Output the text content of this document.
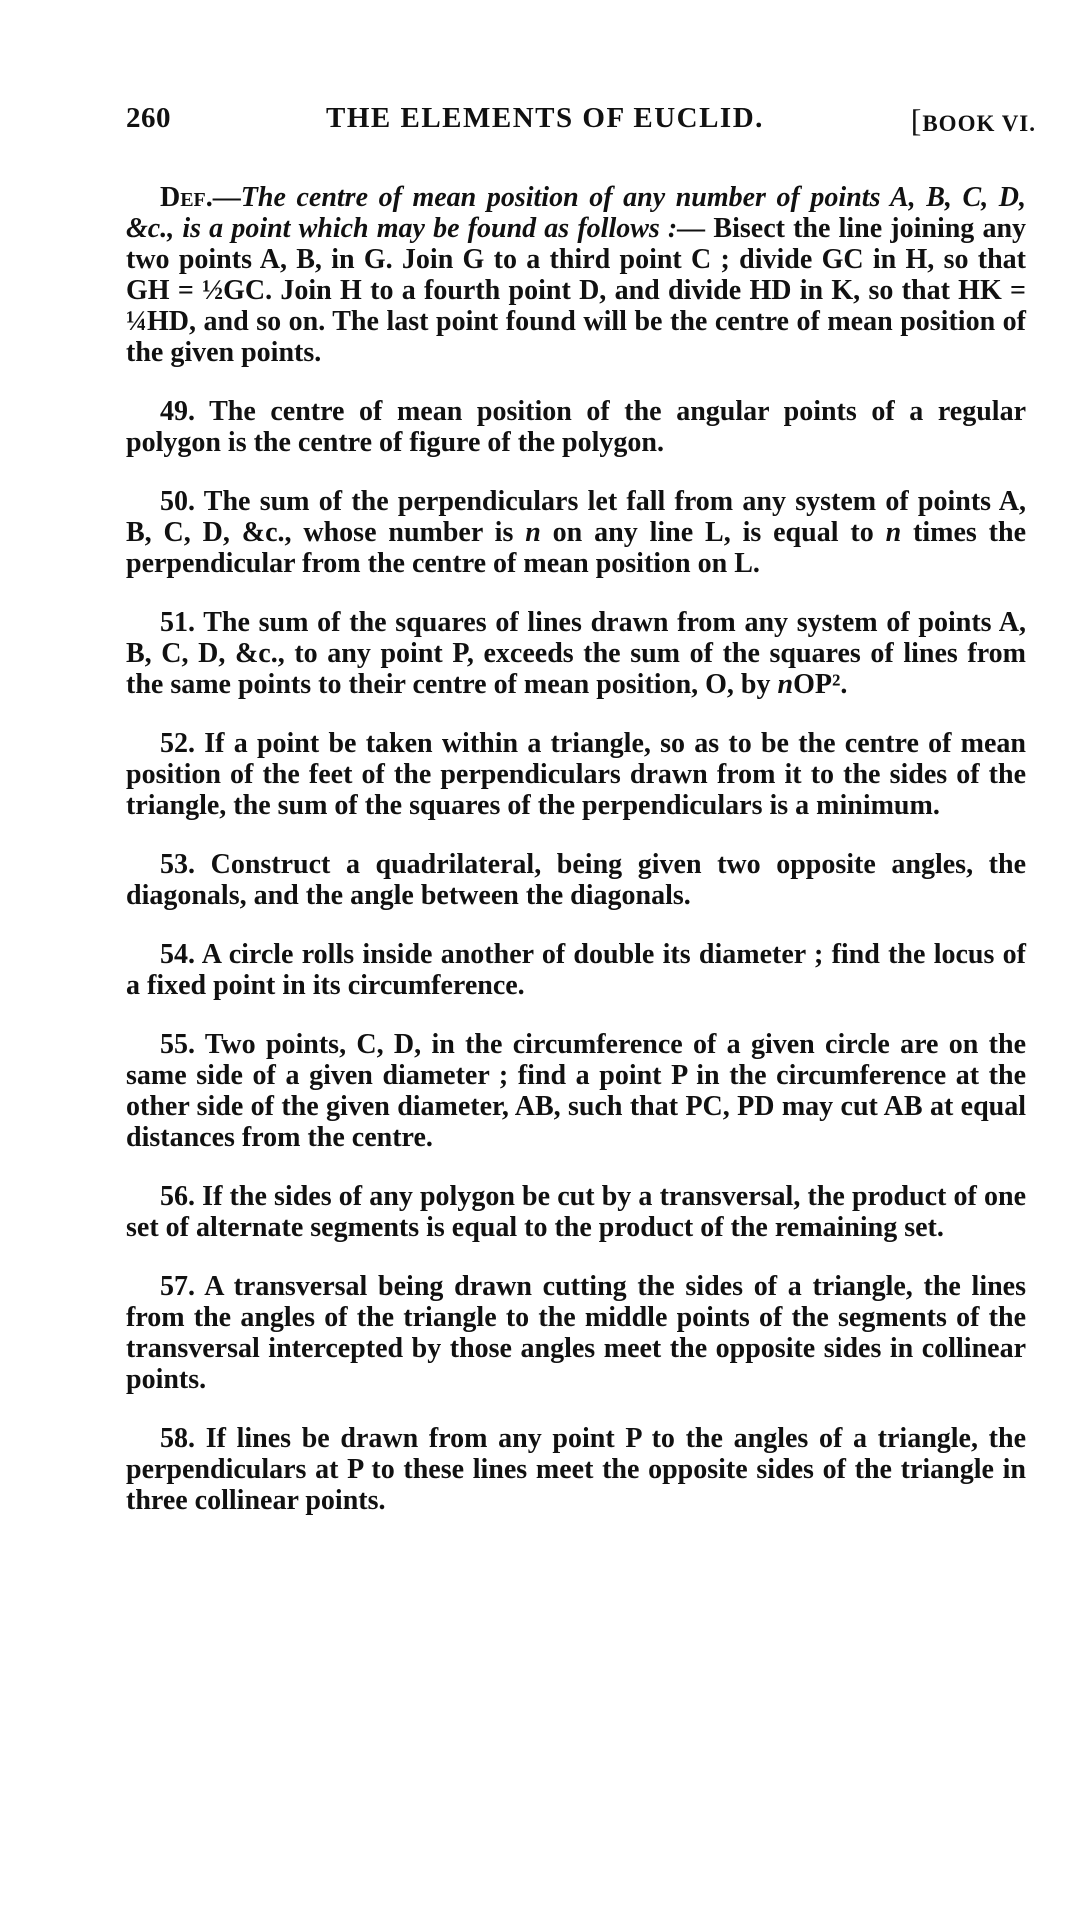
260	THE ELEMENTS OF EUCLID.	[BOOK VI.

Def.—The centre of mean position of any number of points A, B, C, D, &c., is a point which may be found as follows :— Bisect the line joining any two points A, B, in G. Join G to a third point C ; divide GC in H, so that GH = ½GC. Join H to a fourth point D, and divide HD in K, so that HK = ¼HD, and so on. The last point found will be the centre of mean position of the given points.

49. The centre of mean position of the angular points of a regular polygon is the centre of figure of the polygon.

50. The sum of the perpendiculars let fall from any system of points A, B, C, D, &c., whose number is n on any line L, is equal to n times the perpendicular from the centre of mean position on L.

51. The sum of the squares of lines drawn from any system of points A, B, C, D, &c., to any point P, exceeds the sum of the squares of lines from the same points to their centre of mean position, O, by nOP².

52. If a point be taken within a triangle, so as to be the centre of mean position of the feet of the perpendiculars drawn from it to the sides of the triangle, the sum of the squares of the perpendiculars is a minimum.

53. Construct a quadrilateral, being given two opposite angles, the diagonals, and the angle between the diagonals.

54. A circle rolls inside another of double its diameter ; find the locus of a fixed point in its circumference.

55. Two points, C, D, in the circumference of a given circle are on the same side of a given diameter ; find a point P in the circumference at the other side of the given diameter, AB, such that PC, PD may cut AB at equal distances from the centre.

56. If the sides of any polygon be cut by a transversal, the product of one set of alternate segments is equal to the product of the remaining set.

57. A transversal being drawn cutting the sides of a triangle, the lines from the angles of the triangle to the middle points of the segments of the transversal intercepted by those angles meet the opposite sides in collinear points.

58. If lines be drawn from any point P to the angles of a triangle, the perpendiculars at P to these lines meet the opposite sides of the triangle in three collinear points.
